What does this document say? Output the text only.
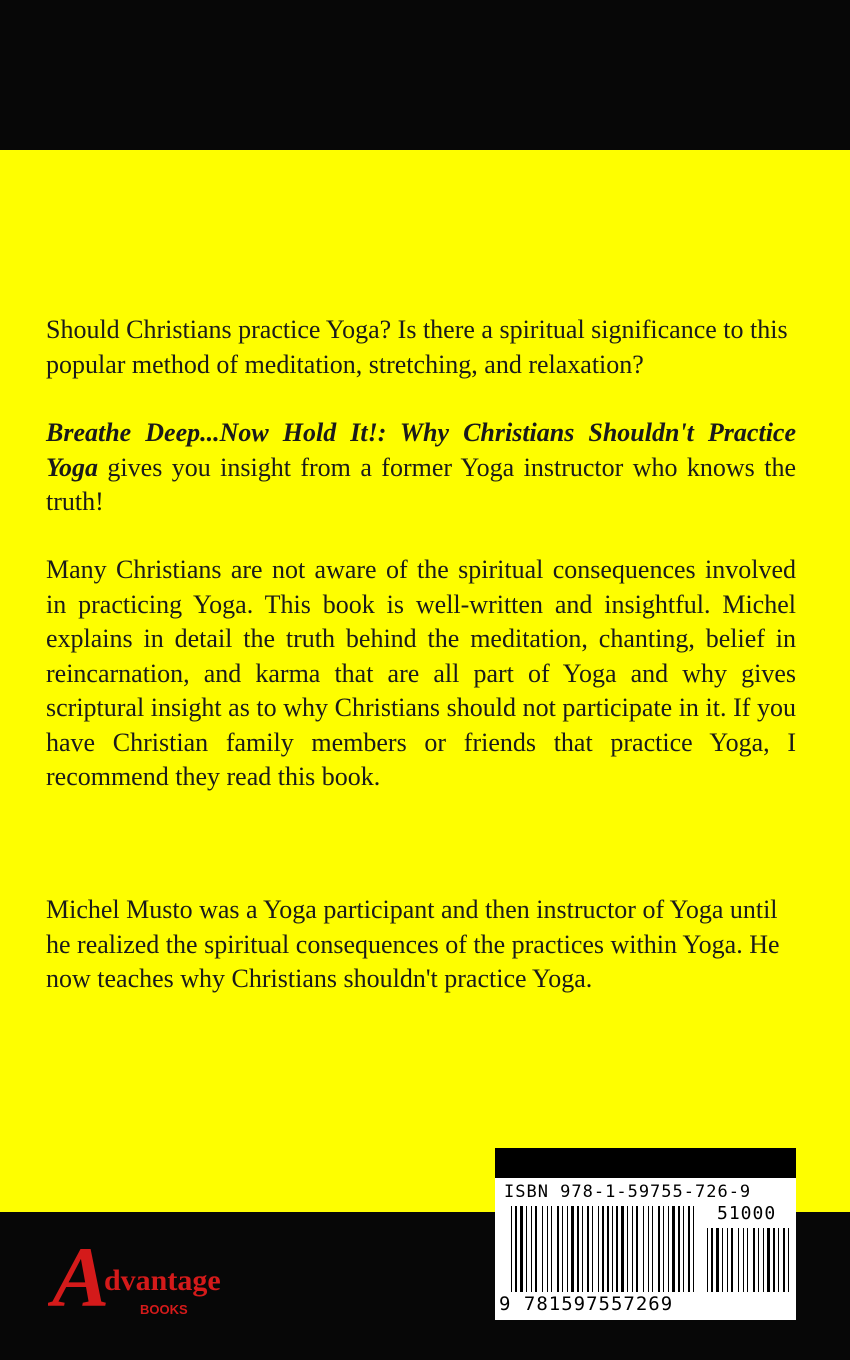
Should Christians practice Yoga? Is there a spiritual significance to this popular method of meditation, stretching, and relaxation?

Breathe Deep...Now Hold It!: Why Christians Shouldn't Practice Yoga gives you insight from a former Yoga instructor who knows the truth!

Many Christians are not aware of the spiritual consequences involved in practicing Yoga. This book is well-written and insightful. Michel explains in detail the truth behind the meditation, chanting, belief in reincarnation, and karma that are all part of Yoga and why gives scriptural insight as to why Christians should not participate in it. If you have Christian family members or friends that practice Yoga, I recommend they read this book.

Michel Musto was a Yoga participant and then instructor of Yoga until he realized the spiritual consequences of the practices within Yoga. He now teaches why Christians shouldn't practice Yoga.

A
dvantage
BOOKS
ISBN 978-1-59755-726-9
51000
9 781597557269
